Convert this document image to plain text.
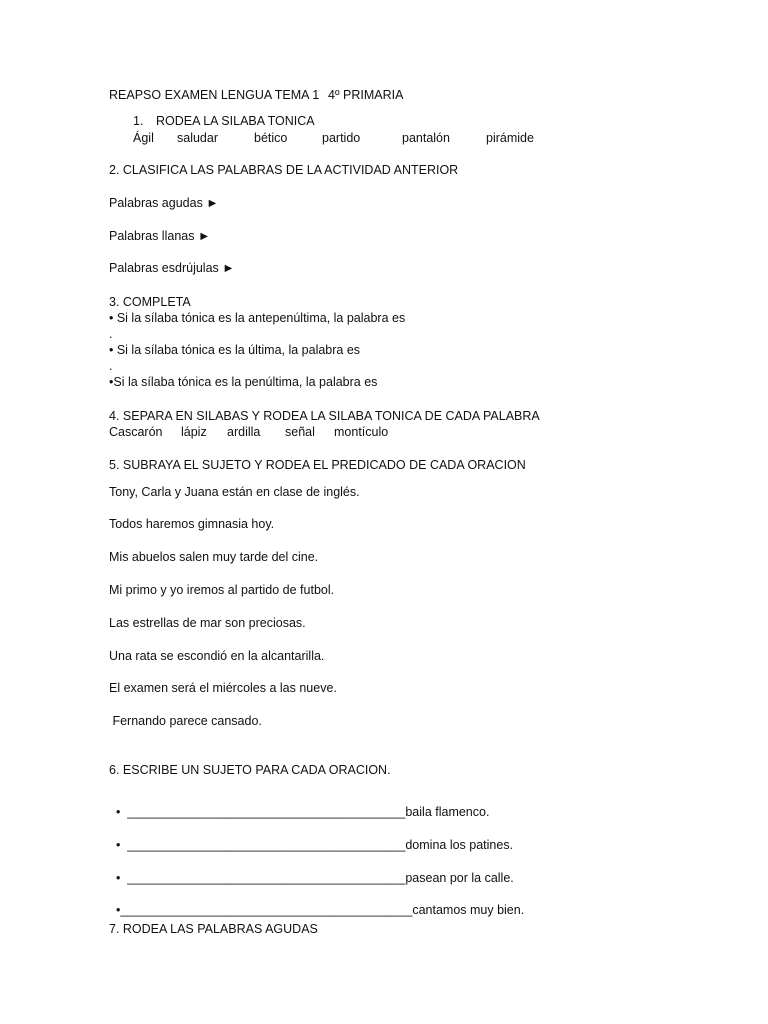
REAPSO EXAMEN LENGUA TEMA 1 4º PRIMARIA
1. RODEA LA SILABA TONICA
Ágil saludar	bético	partido	pantalón	pirámide
2. CLASIFICA LAS PALABRAS DE LA ACTIVIDAD ANTERIOR
Palabras agudas ►
Palabras llanas ►
Palabras esdrújulas ►
3. COMPLETA
• Si la sílaba tónica es la antepenúltima, la palabra es
.
• Si la sílaba tónica es la última, la palabra es
.
•Si la sílaba tónica es la penúltima, la palabra es
4. SEPARA EN SILABAS Y RODEA LA SILABA TONICA DE CADA PALABRA
Cascarón lápiz ardilla señal montículo
5. SUBRAYA EL SUJETO Y RODEA EL PREDICADO DE CADA ORACION
Tony, Carla y Juana están en clase de inglés.
Todos haremos gimnasia hoy.
Mis abuelos salen muy tarde del cine.
Mi primo y yo iremos al partido de futbol.
Las estrellas de mar son preciosas.
Una rata se escondió en la alcantarilla.
El examen será el miércoles a las nueve.
Fernando parece cansado.
6. ESCRIBE UN SUJETO PARA CADA ORACION.

•  ________________________________________baila flamenco.

•  ________________________________________domina los patines.

•  ________________________________________pasean por la calle.

•__________________________________________cantamos muy bien.

7. RODEA LAS PALABRAS AGUDAS
